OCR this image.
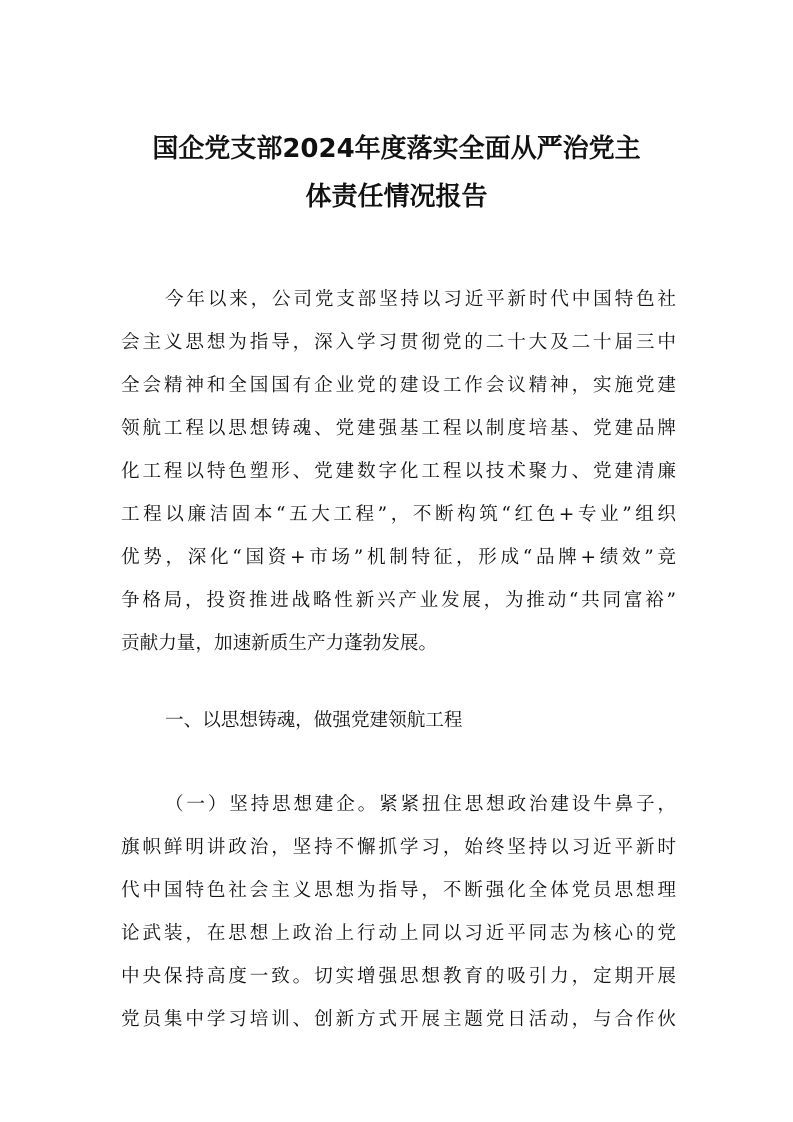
国企党支部2024年度落实全面从严治党主
体责任情况报告
今年以来，公司党支部坚持以习近平新时代中国特色社
会主义思想为指导，深入学习贯彻党的二十大及二十届三中
全会精神和全国国有企业党的建设工作会议精神，实施党建
领航工程以思想铸魂、党建强基工程以制度培基、党建品牌
化工程以特色塑形、党建数字化工程以技术聚力、党建清廉
工程以廉洁固本“五大工程”，不断构筑“红色+专业”组织
优势，深化“国资+市场”机制特征，形成“品牌+绩效”竞
争格局，投资推进战略性新兴产业发展，为推动“共同富裕”
贡献力量，加速新质生产力蓬勃发展。
一、以思想铸魂，做强党建领航工程
（一）坚持思想建企。紧紧扭住思想政治建设牛鼻子，
旗帜鲜明讲政治，坚持不懈抓学习，始终坚持以习近平新时
代中国特色社会主义思想为指导，不断强化全体党员思想理
论武装，在思想上政治上行动上同以习近平同志为核心的党
中央保持高度一致。切实增强思想教育的吸引力，定期开展
党员集中学习培训、创新方式开展主题党日活动，与合作伙
